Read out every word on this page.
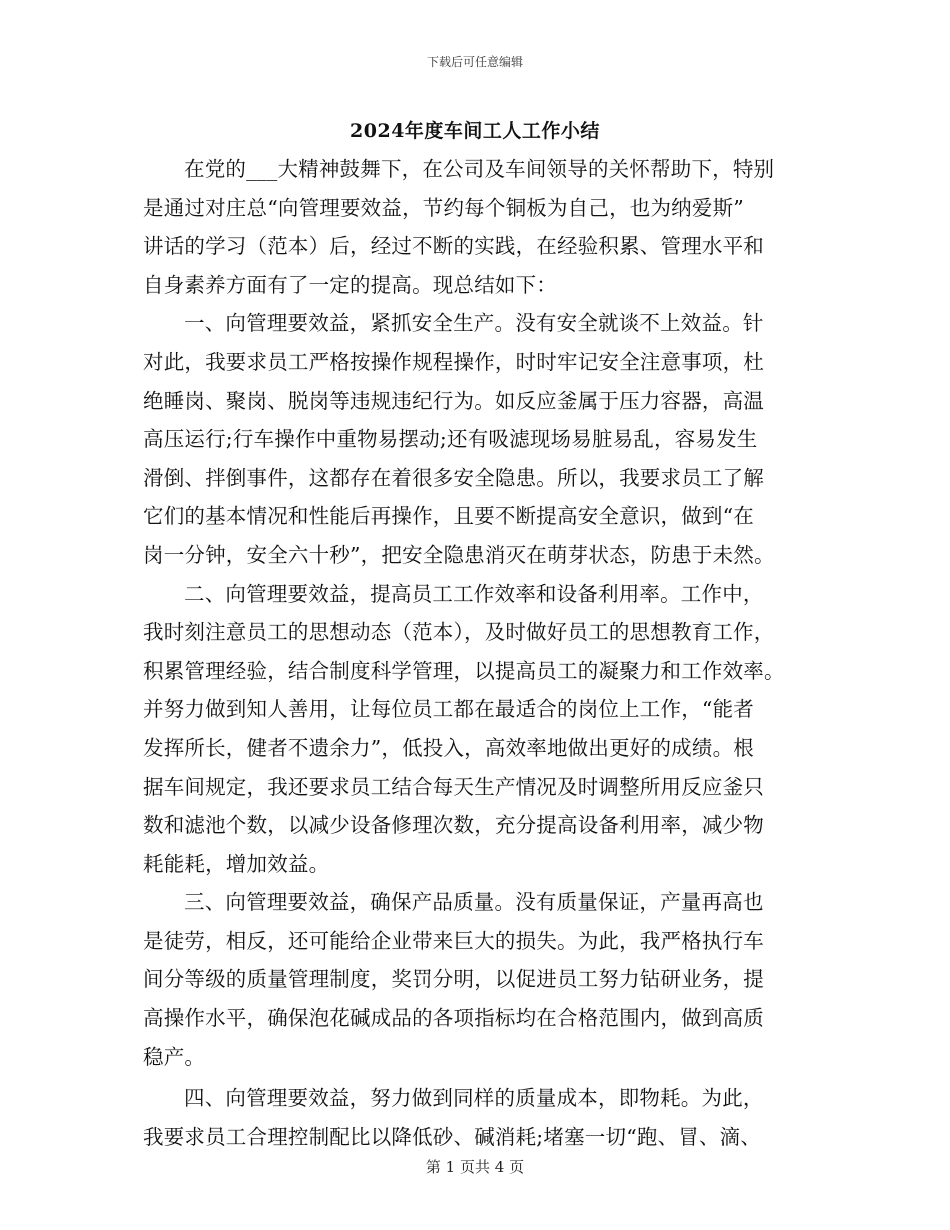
下载后可任意编辑
2024年度车间工人工作小结
在党的___大精神鼓舞下，在公司及车间领导的关怀帮助下，特别
是通过对庄总“向管理要效益，节约每个铜板为自己，也为纳爱斯”
讲话的学习（范本）后，经过不断的实践，在经验积累、管理水平和
自身素养方面有了一定的提高。现总结如下：
一、向管理要效益，紧抓安全生产。没有安全就谈不上效益。针
对此，我要求员工严格按操作规程操作，时时牢记安全注意事项，杜
绝睡岗、聚岗、脱岗等违规违纪行为。如反应釜属于压力容器，高温
高压运行;行车操作中重物易摆动;还有吸滤现场易脏易乱，容易发生
滑倒、拌倒事件，这都存在着很多安全隐患。所以，我要求员工了解
它们的基本情况和性能后再操作，且要不断提高安全意识，做到“在
岗一分钟，安全六十秒”，把安全隐患消灭在萌芽状态，防患于未然。
二、向管理要效益，提高员工工作效率和设备利用率。工作中，
我时刻注意员工的思想动态（范本），及时做好员工的思想教育工作，
积累管理经验，结合制度科学管理，以提高员工的凝聚力和工作效率。
并努力做到知人善用，让每位员工都在最适合的岗位上工作，“能者
发挥所长，健者不遗余力”，低投入，高效率地做出更好的成绩。根
据车间规定，我还要求员工结合每天生产情况及时调整所用反应釜只
数和滤池个数，以减少设备修理次数，充分提高设备利用率，减少物
耗能耗，增加效益。
三、向管理要效益，确保产品质量。没有质量保证，产量再高也
是徒劳，相反，还可能给企业带来巨大的损失。为此，我严格执行车
间分等级的质量管理制度，奖罚分明，以促进员工努力钻研业务，提
高操作水平，确保泡花碱成品的各项指标均在合格范围内，做到高质
稳产。
四、向管理要效益，努力做到同样的质量成本，即物耗。为此，
我要求员工合理控制配比以降低砂、碱消耗;堵塞一切“跑、冒、滴、
第 1 页共 4 页
